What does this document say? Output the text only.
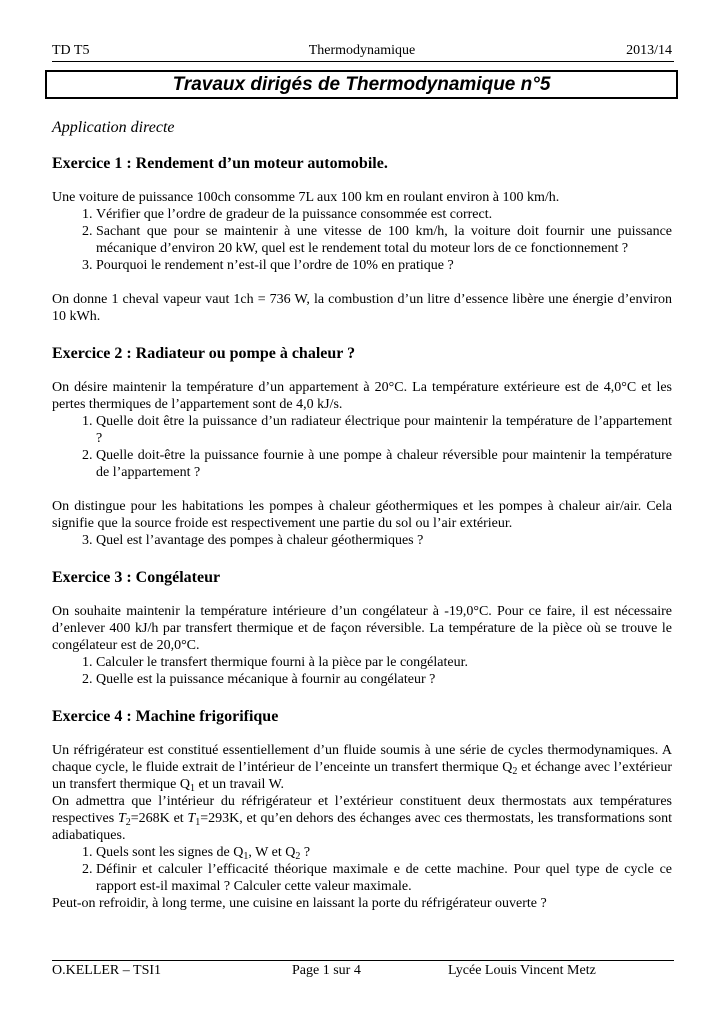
TD T5	Thermodynamique	2013/14
Travaux dirigés de Thermodynamique n°5
Application directe
Exercice 1 : Rendement d’un moteur automobile.

Une voiture de puissance 100ch consomme 7L aux 100 km en roulant environ à 100 km/h.

1. Vérifier que l’ordre de gradeur de la puissance consommée est correct.
2. Sachant que pour se maintenir à une vitesse de 100 km/h, la voiture doit fournir une puissance mécanique d’environ 20 kW, quel est le rendement total du moteur lors de ce fonctionnement ?
3. Pourquoi le rendement n’est-il que l’ordre de 10% en pratique ?

On donne 1 cheval vapeur vaut 1ch = 736 W, la combustion d’un litre d’essence libère une énergie d’environ 10 kWh.

Exercice 2 : Radiateur ou pompe à chaleur ?

On désire maintenir la température d’un appartement à 20°C. La température extérieure est de 4,0°C et les pertes thermiques de l’appartement sont de 4,0 kJ/s.

1. Quelle doit être la puissance d’un radiateur électrique pour maintenir la température de l’appartement ?
2. Quelle doit-être la puissance fournie à une pompe à chaleur réversible pour maintenir la température de l’appartement ?

On distingue pour les habitations les pompes à chaleur géothermiques et les pompes à chaleur air/air. Cela signifie que la source froide est respectivement une partie du sol ou l’air extérieur.

3. Quel est l’avantage des pompes à chaleur géothermiques ?
Exercice 3 : Congélateur

On souhaite maintenir la température intérieure d’un congélateur à -19,0°C. Pour ce faire, il est nécessaire d’enlever 400 kJ/h par transfert thermique et de façon réversible. La température de la pièce où se trouve le congélateur est de 20,0°C.

1. Calculer le transfert thermique fourni à la pièce par le congélateur.
2. Quelle est la puissance mécanique à fournir au congélateur ?
Exercice 4 : Machine frigorifique

Un réfrigérateur est constitué essentiellement d’un fluide soumis à une série de cycles thermodynamiques. A chaque cycle, le fluide extrait de l’intérieur de l’enceinte un transfert thermique $Q_2$ et échange avec l’extérieur un transfert thermique $Q_1$ et un travail W.

On admettra que l’intérieur du réfrigérateur et l’extérieur constituent deux thermostats aux températures respectives $T_2=268K$ et $T_1=293K$, et qu’en dehors des échanges avec ces thermostats, les transformations sont adiabatiques.

1. Quels sont les signes de $Q_1$, W et $Q_2$ ?
2. Définir et calculer l’efficacité théorique maximale e de cette machine. Pour quel type de cycle ce rapport est-il maximal ? Calculer cette valeur maximale.

Peut-on refroidir, à long terme, une cuisine en laissant la porte du réfrigérateur ouverte ?

O.KELLER – TSI1	Page 1 sur 4	Lycée Louis Vincent Metz
